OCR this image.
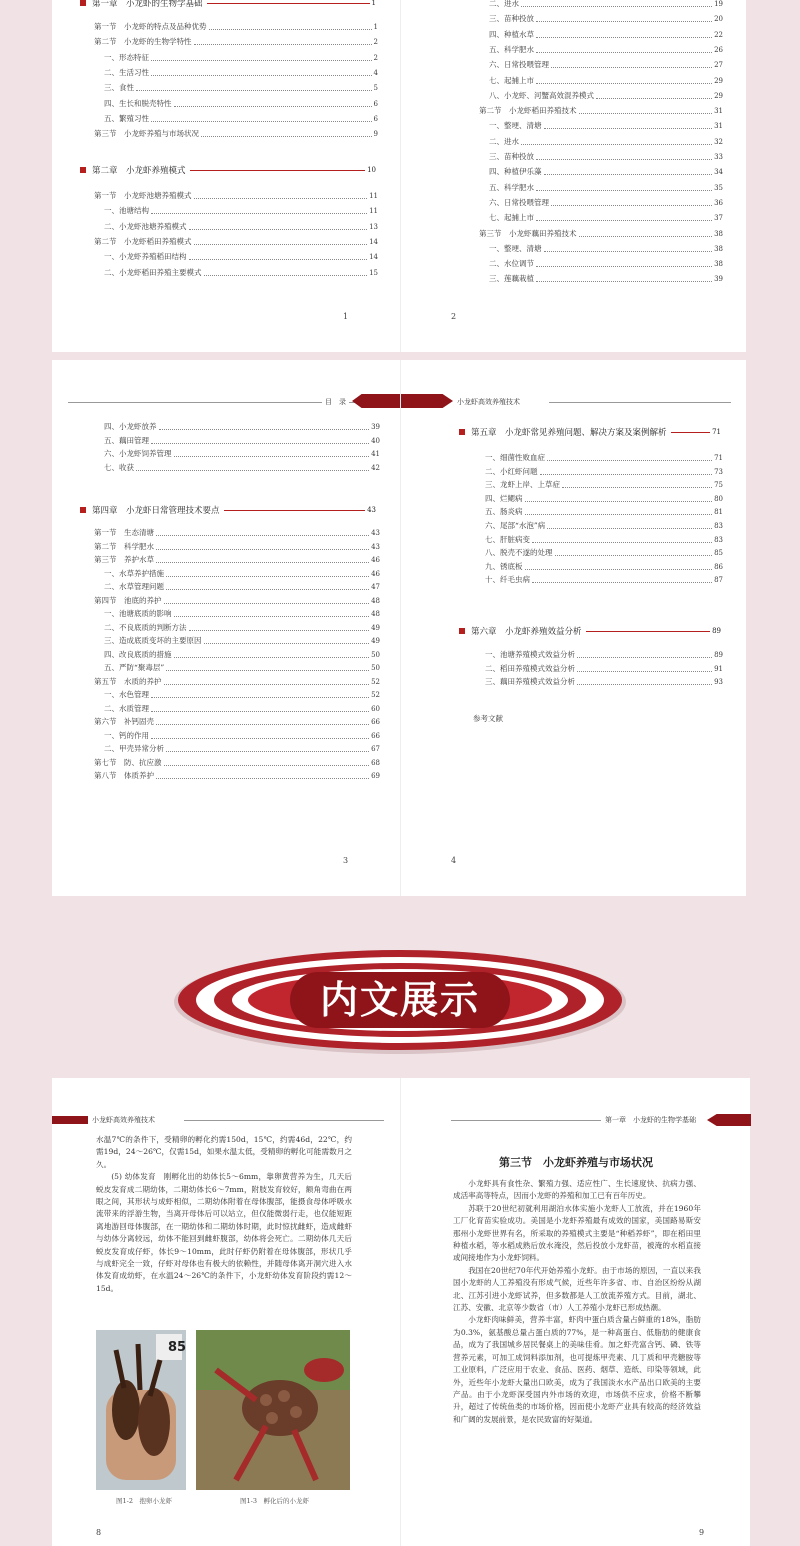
第一章　小龙虾的生物学基础	1
第一节　小龙虾的特点及品种优势	1
第二节　小龙虾的生物学特性	2
一、形态特征	2
二、生活习性	4
三、食性	5
四、生长和脱壳特性	6
五、繁殖习性	6
第三节　小龙虾养殖与市场状况	9
第二章　小龙虾养殖模式	10
第一节　小龙虾池塘养殖模式	11
一、池塘结构	11
二、小龙虾池塘养殖模式	13
第二节　小龙虾稻田养殖模式	14
一、小龙虾养殖稻田结构	14
二、小龙虾稻田养殖主要模式	15
1
二、进水	19
三、苗种投放	20
四、种植水草	22
五、科学肥水	26
六、日常投喂管理	27
七、起捕上市	29
八、小龙虾、河蟹高效混养模式	29
第二节　小龙虾稻田养殖技术	31
一、整埂、清塘	31
二、进水	32
三、苗种投放	33
四、种植伊乐藻	34
五、科学肥水	35
六、日常投喂管理	36
七、起捕上市	37
第三节　小龙虾藕田养殖技术	38
一、整埂、清塘	38
二、水位调节	38
三、莲藕栽植	39
2
目　录
四、小龙虾放养	39
五、藕田管理	40
六、小龙虾饲养管理	41
七、收获	42
第四章　小龙虾日常管理技术要点	43
第一节　生态清塘	43
第二节　科学肥水	43
第三节　养护水草	46
一、水草养护措施	46
二、水草管理问题	47
第四节　池底的养护	48
一、池塘底质的影响	48
二、不良底质的判断方法	49
三、造成底质变坏的主要原因	49
四、改良底质的措施	50
五、严防“聚毒层”	50
第五节　水质的养护	52
一、水色管理	52
二、水质管理	60
第六节　补钙固壳	66
一、钙的作用	66
二、甲壳异常分析	67
第七节　防、抗应激	68
第八节　体质养护	69
3
小龙虾高效养殖技术
第五章　小龙虾常见养殖问题、解决方案及案例解析	71
一、细菌性败血症	71
二、小红虾问题	73
三、龙虾上岸、上草症	75
四、烂鳃病	80
五、肠炎病	81
六、尾部“水泡”病	83
七、肝脏病变	83
八、脱壳不遂的处理	85
九、锈底板	86
十、纤毛虫病	87
第六章　小龙虾养殖效益分析	89
一、池塘养殖模式效益分析	89
二、稻田养殖模式效益分析	91
三、藕田养殖模式效益分析	93
参考文献
4
内文展示
小龙虾高效养殖技术

水温7℃的条件下，受精卵的孵化约需150d，15℃，约需46d，22℃，约需19d，24～26℃，仅需15d，如果水温太低，受精卵的孵化可能需数月之久。

(5) 幼体发育　刚孵化出的幼体长5～6mm，靠卵黄营养为生，几天后蜕皮发育成二期幼体，二期幼体长6～7mm，附肢发育较好，额角弯曲在两眼之间，其形状与成虾相似，二期幼体附着在母体腹部，能摄食母体呼吸水流带来的浮游生物，当离开母体后可以站立，但仅能微弱行走，也仅能短距离地游回母体腹部，在一期幼体和二期幼体时期，此时惊扰雌虾，造成雌虾与幼体分离较远，幼体不能回到雌虾腹部，幼体将会死亡。二期幼体几天后蜕皮发育成仔虾，体长9～10mm，此时仔虾仍附着在母体腹部，形状几乎与成虾完全一致，仔虾对母体也有极大的依赖性，并随母体离开洞穴进入水体发育成幼虾，在水温24～26℃的条件下，小龙虾幼体发育阶段约需12～15d。

85
图1-2　抱卵小龙虾	图1-3　孵化后的小龙虾
8
第一章　小龙虾的生物学基础
第三节　小龙虾养殖与市场状况

小龙虾具有食性杂、繁殖力强、适应性广、生长速度快、抗病力强、成活率高等特点，因而小龙虾的养殖和加工已有百年历史。

苏联于20世纪初就利用湖泊水体实施小龙虾人工放流，并在1960年工厂化育苗实验成功。美国是小龙虾养殖最有成效的国家，美国路易斯安那州小龙虾世界有名，所采取的养殖模式主要是“种稻养虾”，即在稻田里种植水稻，等水稻成熟后放水淹没，然后投放小龙虾苗，被淹的水稻直接或间接地作为小龙虾饲料。

我国在20世纪70年代开始养殖小龙虾。由于市场的原因，一直以来我国小龙虾的人工养殖没有形成气候，近些年许多省、市、自治区纷纷从湖北、江苏引进小龙虾试养，但多数都是人工放流养殖方式。目前，湖北、江苏、安徽、北京等少数省（市）人工养殖小龙虾已形成热潮。

小龙虾肉味鲜美，营养丰富，虾肉中蛋白质含量占鲜重的18%，脂肪为0.3%，氨基酸总量占蛋白质的77%，是一种高蛋白、低脂肪的健康食品，成为了我国城乡居民餐桌上的美味佳肴。加之虾壳富含钙、磷、铁等营养元素，可加工成饲料添加剂，也可提炼甲壳素、几丁质和甲壳糖胺等工业原料，广泛应用于农业、食品、医药、烟草、造纸、印染等领域，此外，近些年小龙虾大量出口欧美，成为了我国淡水水产品出口欧美的主要产品。由于小龙虾深受国内外市场的欢迎，市场供不应求，价格不断攀升，超过了传统鱼类的市场价格，因而使小龙虾产业具有较高的经济效益和广阔的发展前景，是农民致富的好渠道。

9
